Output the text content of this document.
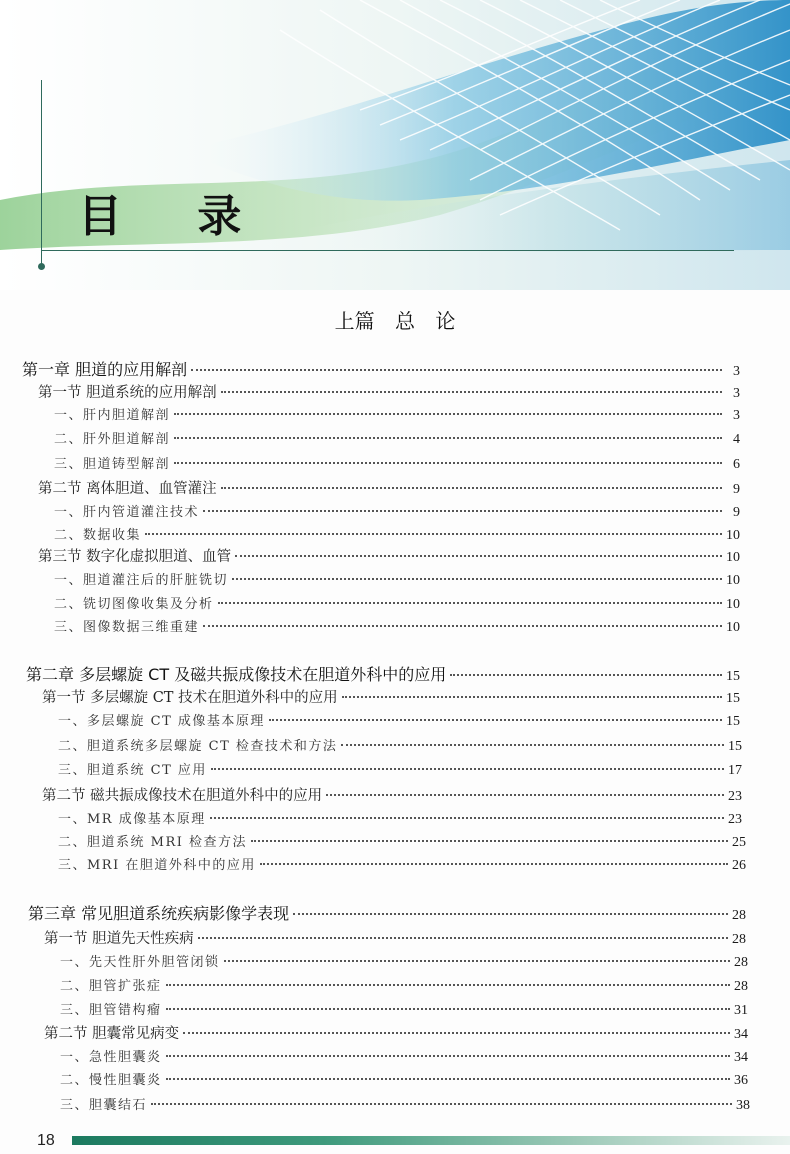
目 录
上篇 总 论
第一章 胆道的应用解剖	3
第一节 胆道系统的应用解剖	3
一、肝内胆道解剖	3
二、肝外胆道解剖	4
三、胆道铸型解剖	6
第二节 离体胆道、血管灌注	9
一、肝内管道灌注技术	9
二、数据收集	10
第三节 数字化虚拟胆道、血管	10
一、胆道灌注后的肝脏铣切	10
二、铣切图像收集及分析	10
三、图像数据三维重建	10
第二章 多层螺旋 CT 及磁共振成像技术在胆道外科中的应用	15
第一节 多层螺旋 CT 技术在胆道外科中的应用	15
一、多层螺旋 CT 成像基本原理	15
二、胆道系统多层螺旋 CT 检查技术和方法	15
三、胆道系统 CT 应用	17
第二节 磁共振成像技术在胆道外科中的应用	23
一、MR 成像基本原理	23
二、胆道系统 MRI 检查方法	25
三、MRI 在胆道外科中的应用	26
第三章 常见胆道系统疾病影像学表现	28
第一节 胆道先天性疾病	28
一、先天性肝外胆管闭锁	28
二、胆管扩张症	28
三、胆管错构瘤	31
第二节 胆囊常见病变	34
一、急性胆囊炎	34
二、慢性胆囊炎	36
三、胆囊结石	38
18
